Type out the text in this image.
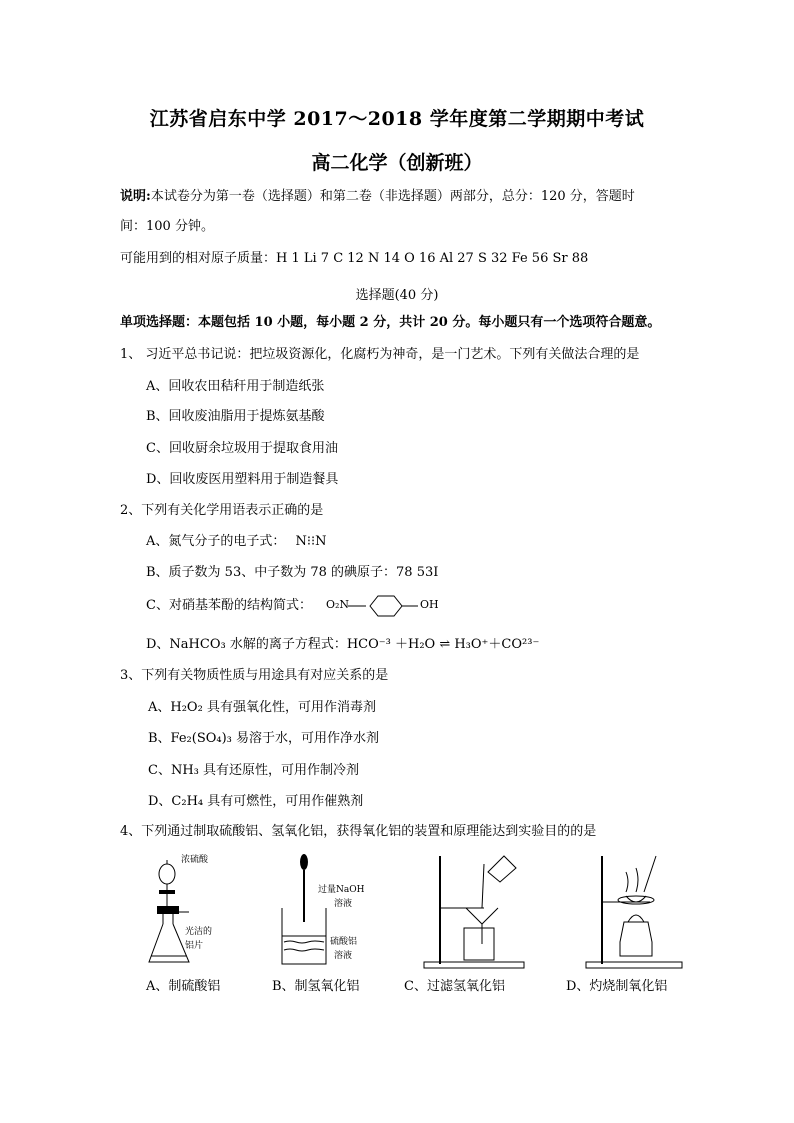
江苏省启东中学 2017～2018 学年度第二学期期中考试
高二化学（创新班）
说明:本试卷分为第一卷（选择题）和第二卷（非选择题）两部分，总分：120 分，答题时
间：100 分钟。
可能用到的相对原子质量：H 1 Li 7 C 12 N 14 O 16 Al 27 S 32 Fe 56 Sr 88
选择题(40 分)
单项选择题：本题包括 10 小题，每小题 2 分，共计 20 分。每小题只有一个选项符合题意。
1、 习近平总书记说：把垃圾资源化，化腐朽为神奇，是一门艺术。下列有关做法合理的是
A、回收农田秸秆用于制造纸张
B、回收废油脂用于提炼氨基酸
C、回收厨余垃圾用于提取食用油
D、回收废医用塑料用于制造餐具
2、下列有关化学用语表示正确的是
A、氮气分子的电子式： N⁝⁝N
B、质子数为 53、中子数为 78 的碘原子：78 53I
C、对硝基苯酚的结构简式： O₂N	OH
D、NaHCO₃ 水解的离子方程式：HCO⁻³ ＋H₂O ⇌ H₃O⁺＋CO²³⁻
3、下列有关物质性质与用途具有对应关系的是
A、H₂O₂ 具有强氧化性，可用作消毒剂
B、Fe₂(SO₄)₃ 易溶于水，可用作净水剂
C、NH₃ 具有还原性，可用作制冷剂
D、C₂H₄ 具有可燃性，可用作催熟剂
4、下列通过制取硫酸铝、氢氧化铝，获得氧化铝的装置和原理能达到实验目的的是
浓硫酸
光洁的
铝片
过量NaOH
溶液
硫酸铝
溶液
A、制硫酸铝	B、制氢氧化铝	C、过滤氢氧化铝	D、灼烧制氧化铝
